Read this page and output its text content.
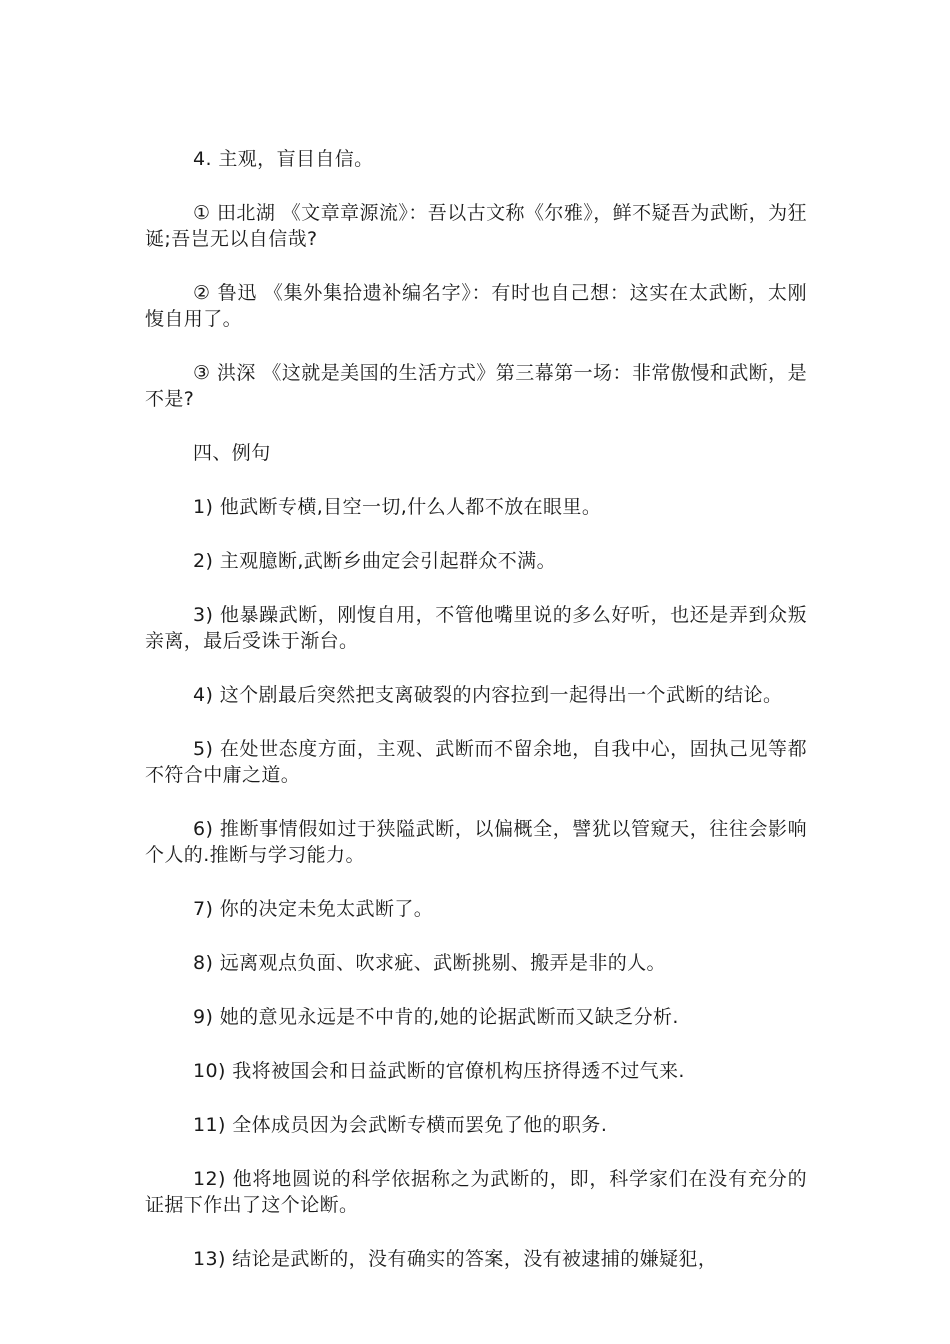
4. 主观，盲目自信。

① 田北湖 《文章章源流》：吾以古文称《尔雅》，鲜不疑吾为武断，为狂诞;吾岂无以自信哉?

② 鲁迅 《集外集拾遗补编名字》：有时也自己想：这实在太武断，太刚愎自用了。

③ 洪深 《这就是美国的生活方式》第三幕第一场：非常傲慢和武断，是不是?

四、例句

1) 他武断专横,目空一切,什么人都不放在眼里。

2) 主观臆断,武断乡曲定会引起群众不满。

3) 他暴躁武断，刚愎自用，不管他嘴里说的多么好听，也还是弄到众叛亲离，最后受诛于渐台。

4) 这个剧最后突然把支离破裂的内容拉到一起得出一个武断的结论。

5) 在处世态度方面，主观、武断而不留余地，自我中心，固执己见等都不符合中庸之道。

6) 推断事情假如过于狭隘武断，以偏概全，譬犹以管窥天，往往会影响个人的.推断与学习能力。

7) 你的决定未免太武断了。

8) 远离观点负面、吹求疵、武断挑剔、搬弄是非的人。

9) 她的意见永远是不中肯的,她的论据武断而又缺乏分析.

10) 我将被国会和日益武断的官僚机构压挤得透不过气来.

11) 全体成员因为会武断专横而罢免了他的职务.

12) 他将地圆说的科学依据称之为武断的，即，科学家们在没有充分的证据下作出了这个论断。

13) 结论是武断的，没有确实的答案，没有被逮捕的嫌疑犯，
